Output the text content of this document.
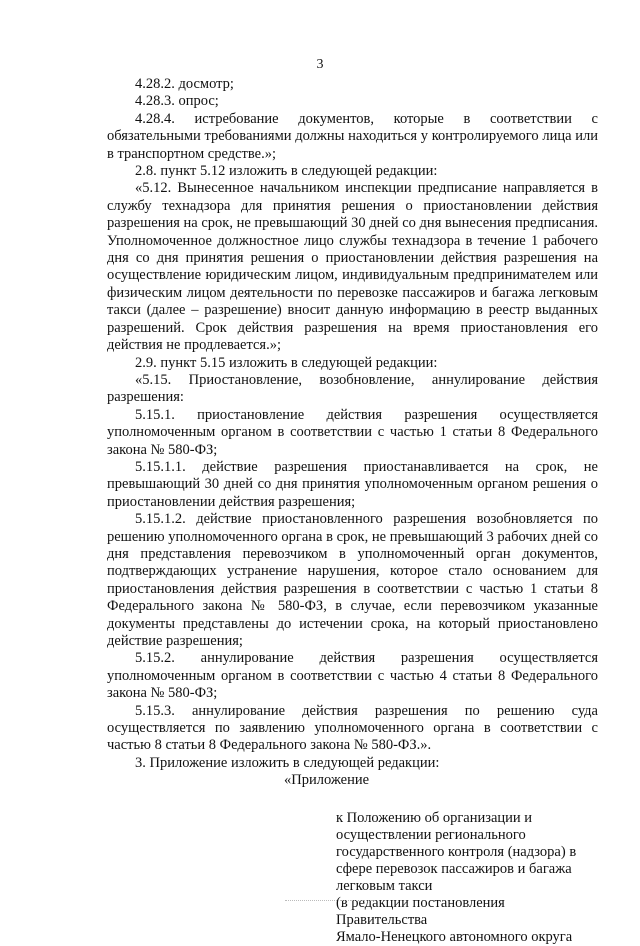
3

4.28.2. досмотр;

4.28.3. опрос;

4.28.4. истребование документов, которые в соответствии с обязательными требованиями должны находиться у контролируемого лица или в транспортном средстве.»;

2.8. пункт 5.12 изложить в следующей редакции:

«5.12. Вынесенное начальником инспекции предписание направляется в службу технадзора для принятия решения о приостановлении действия разрешения на срок, не превышающий 30 дней со дня вынесения предписания. Уполномоченное должностное лицо службы технадзора в течение 1 рабочего дня со дня принятия решения о приостановлении действия разрешения на осуществление юридическим лицом, индивидуальным предпринимателем или физическим лицом деятельности по перевозке пассажиров и багажа легковым такси (далее – разрешение) вносит данную информацию в реестр выданных разрешений. Срок действия разрешения на время приостановления его действия не продлевается.»;

2.9. пункт 5.15 изложить в следующей редакции:

«5.15. Приостановление, возобновление, аннулирование действия разрешения:

5.15.1. приостановление действия разрешения осуществляется уполномоченным органом в соответствии с частью 1 статьи 8 Федерального закона № 580-ФЗ;

5.15.1.1. действие разрешения приостанавливается на срок, не превышающий 30 дней со дня принятия уполномоченным органом решения о приостановлении действия разрешения;

5.15.1.2. действие приостановленного разрешения возобновляется по решению уполномоченного органа в срок, не превышающий 3 рабочих дней со дня представления перевозчиком в уполномоченный орган документов, подтверждающих устранение нарушения, которое стало основанием для приостановления действия разрешения в соответствии с частью 1 статьи 8 Федерального закона № 580-ФЗ, в случае, если перевозчиком указанные документы представлены до истечении срока, на который приостановлено действие разрешения;

5.15.2. аннулирование действия разрешения осуществляется уполномоченным органом в соответствии с частью 4 статьи 8 Федерального закона № 580-ФЗ;

5.15.3. аннулирование действия разрешения по решению суда осуществляется по заявлению уполномоченного органа в соответствии с частью 8 статьи 8 Федерального закона № 580-ФЗ.».

3. Приложение изложить в следующей редакции:

«Приложение

к Положению об организации и
осуществлении регионального
государственного контроля (надзора) в
сфере перевозок пассажиров и багажа
легковым такси
(в редакции постановления Правительства
Ямало-Ненецкого автономного округа
